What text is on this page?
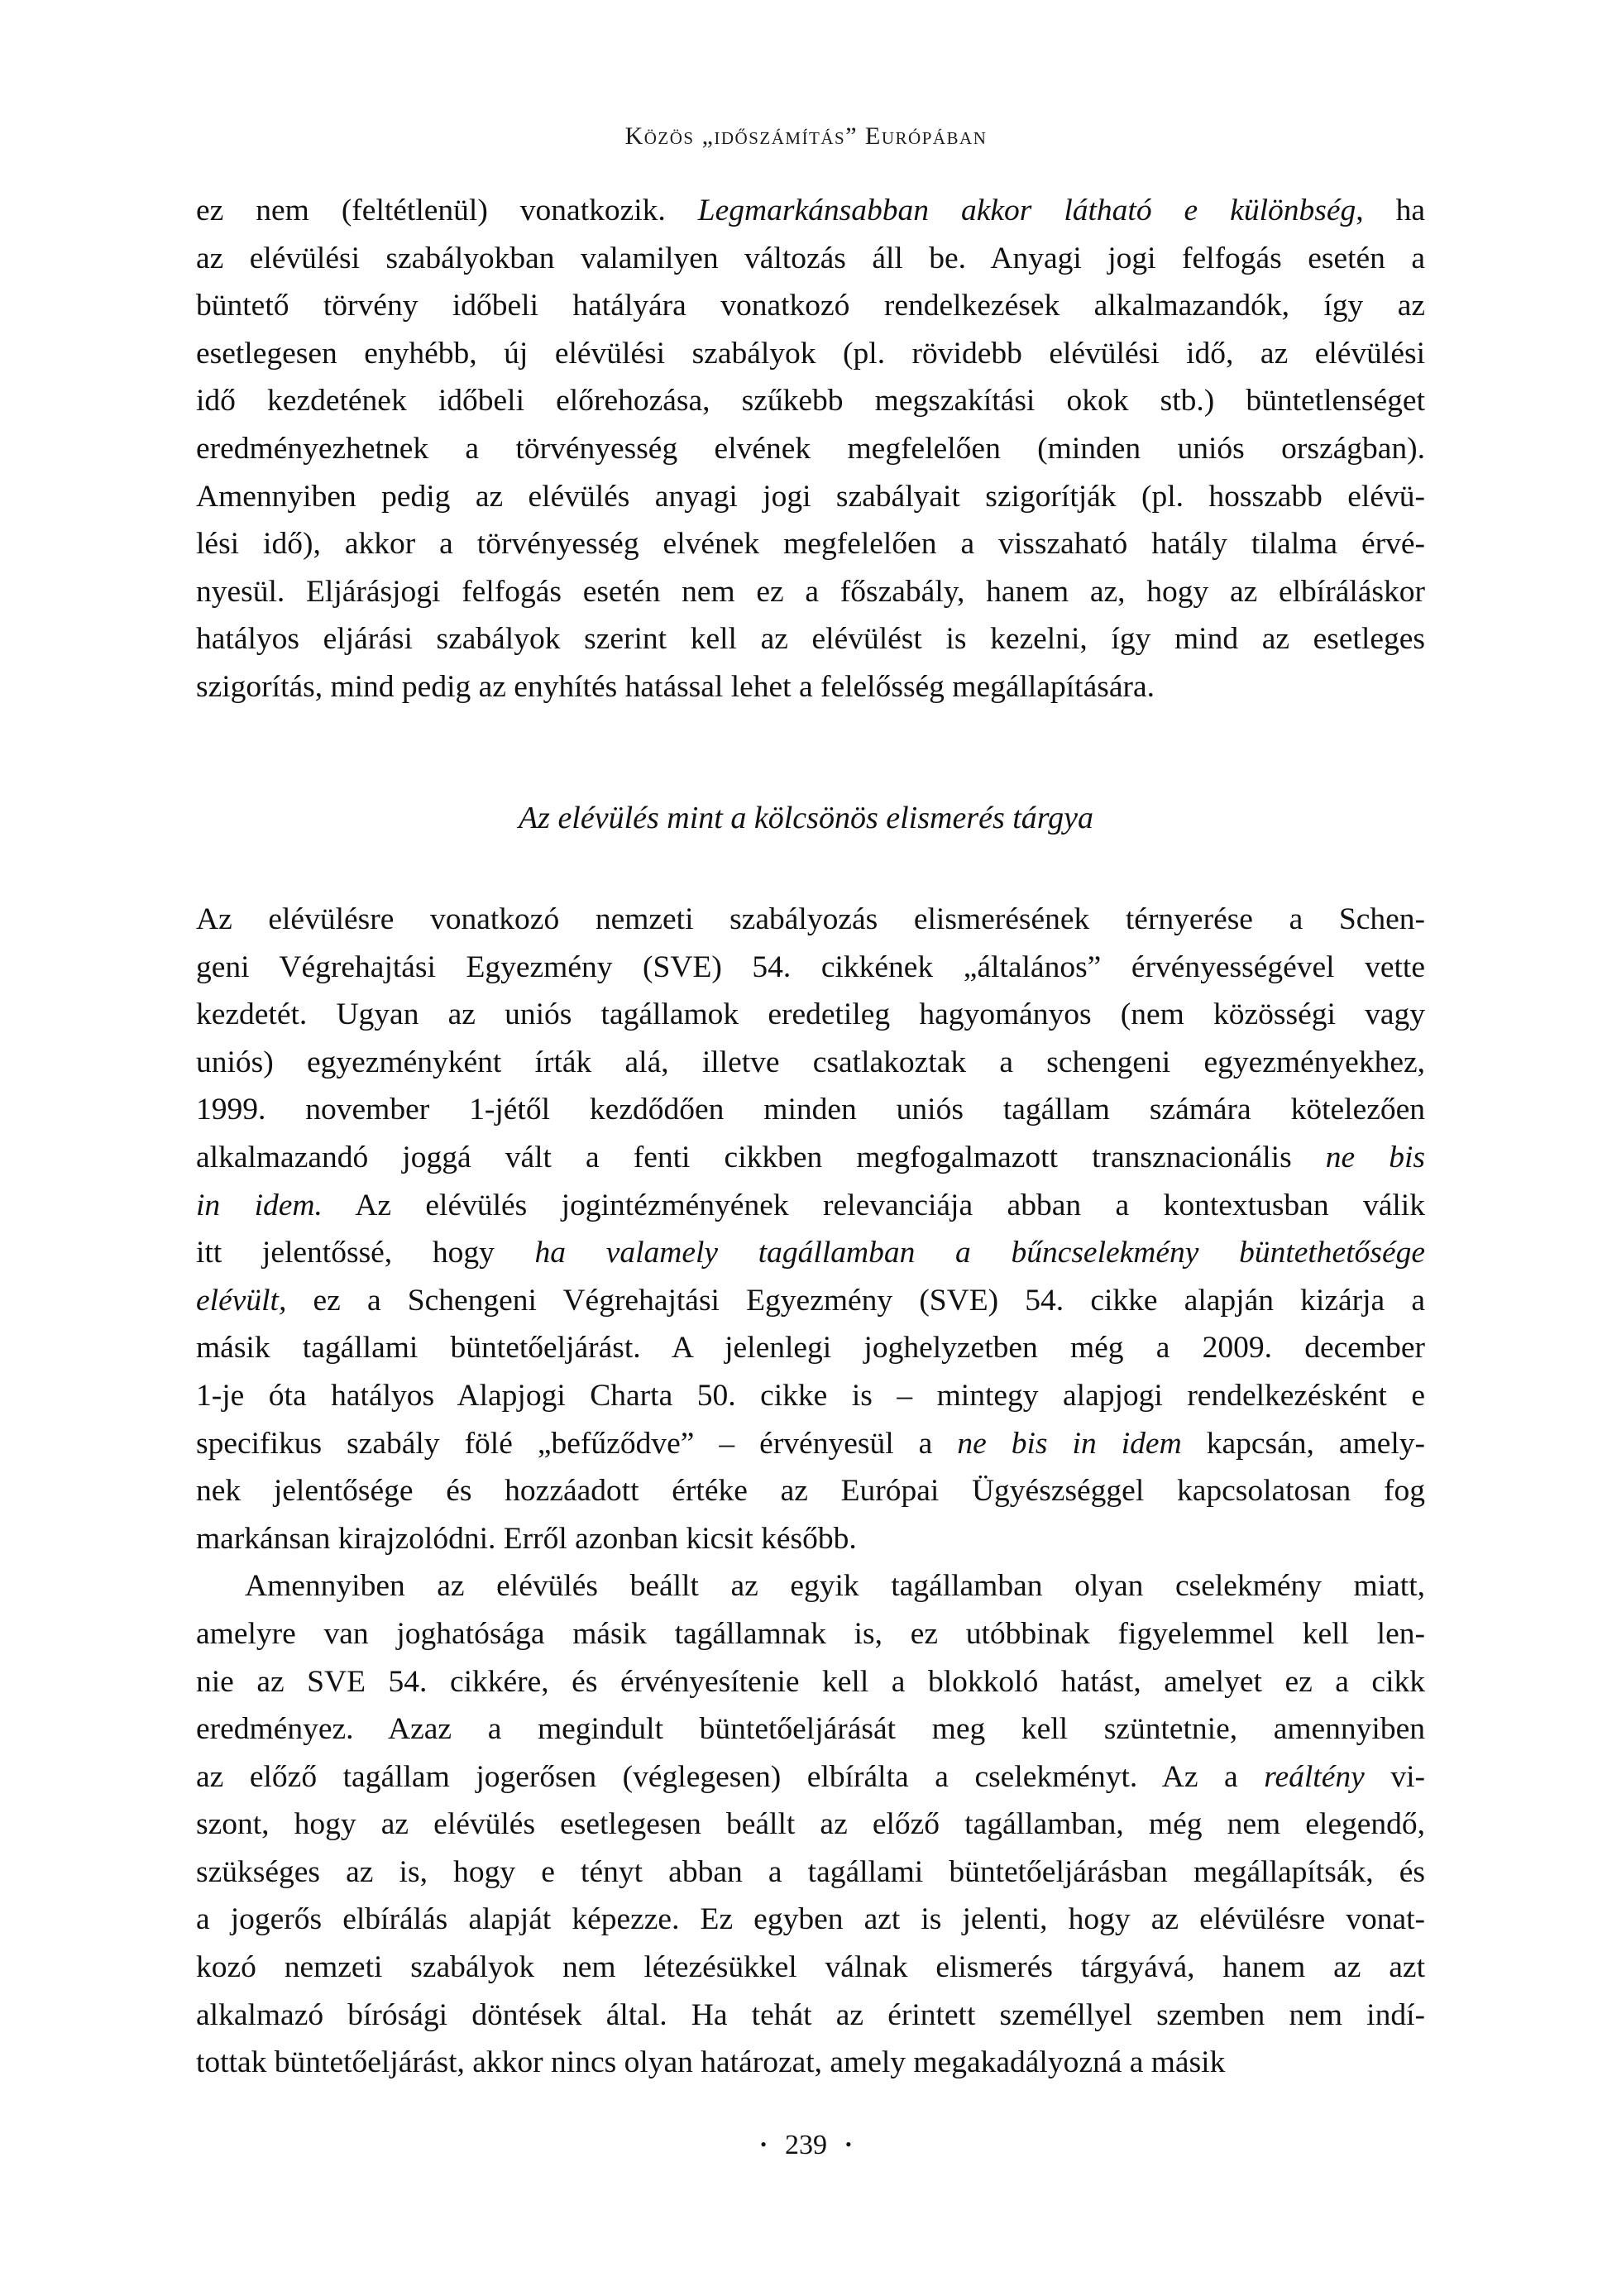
Közös „időszámítás” Európában

ez nem (feltétlenül) vonatkozik. Legmarkánsabban akkor látható e különbség, ha
az elévülési szabályokban valamilyen változás áll be. Anyagi jogi felfogás esetén a
büntető törvény időbeli hatályára vonatkozó rendelkezések alkalmazandók, így az
esetlegesen enyhébb, új elévülési szabályok (pl. rövidebb elévülési idő, az elévülési
idő kezdetének időbeli előrehozása, szűkebb megszakítási okok stb.) büntetlenséget
eredményezhetnek a törvényesség elvének megfelelően (minden uniós országban).
Amennyiben pedig az elévülés anyagi jogi szabályait szigorítják (pl. hosszabb elévü-
lési idő), akkor a törvényesség elvének megfelelően a visszaható hatály tilalma érvé-
nyesül. Eljárásjogi felfogás esetén nem ez a főszabály, hanem az, hogy az elbíráláskor
hatályos eljárási szabályok szerint kell az elévülést is kezelni, így mind az esetleges
szigorítás, mind pedig az enyhítés hatással lehet a felelősség megállapítására.

Az elévülés mint a kölcsönös elismerés tárgya

Az elévülésre vonatkozó nemzeti szabályozás elismerésének térnyerése a Schen-
geni Végrehajtási Egyezmény (SVE) 54. cikkének „általános” érvényességével vette
kezdetét. Ugyan az uniós tagállamok eredetileg hagyományos (nem közösségi vagy
uniós) egyezményként írták alá, illetve csatlakoztak a schengeni egyezményekhez,
1999. november 1-jétől kezdődően minden uniós tagállam számára kötelezően
alkalmazandó joggá vált a fenti cikkben megfogalmazott transznacionális ne bis
in idem. Az elévülés jogintézményének relevanciája abban a kontextusban válik
itt jelentőssé, hogy ha valamely tagállamban a bűncselekmény büntethetősége
elévült, ez a Schengeni Végrehajtási Egyezmény (SVE) 54. cikke alapján kizárja a
másik tagállami büntetőeljárást. A jelenlegi joghelyzetben még a 2009. december
1-je óta hatályos Alapjogi Charta 50. cikke is – mintegy alapjogi rendelkezésként e
specifikus szabály fölé „befűződve” – érvényesül a ne bis in idem kapcsán, amely-
nek jelentősége és hozzáadott értéke az Európai Ügyészséggel kapcsolatosan fog
markánsan kirajzolódni. Erről azonban kicsit később.

Amennyiben az elévülés beállt az egyik tagállamban olyan cselekmény miatt,
amelyre van joghatósága másik tagállamnak is, ez utóbbinak figyelemmel kell len-
nie az SVE 54. cikkére, és érvényesítenie kell a blokkoló hatást, amelyet ez a cikk
eredményez. Azaz a megindult büntetőeljárását meg kell szüntetnie, amennyiben
az előző tagállam jogerősen (véglegesen) elbírálta a cselekményt. Az a reáltény vi-
szont, hogy az elévülés esetlegesen beállt az előző tagállamban, még nem elegendő,
szükséges az is, hogy e tényt abban a tagállami büntetőeljárásban megállapítsák, és
a jogerős elbírálás alapját képezze. Ez egyben azt is jelenti, hogy az elévülésre vonat-
kozó nemzeti szabályok nem létezésükkel válnak elismerés tárgyává, hanem az azt
alkalmazó bírósági döntések által. Ha tehát az érintett személlyel szemben nem indí-
tottak büntetőeljárást, akkor nincs olyan határozat, amely megakadályozná a másik

• 239 •
